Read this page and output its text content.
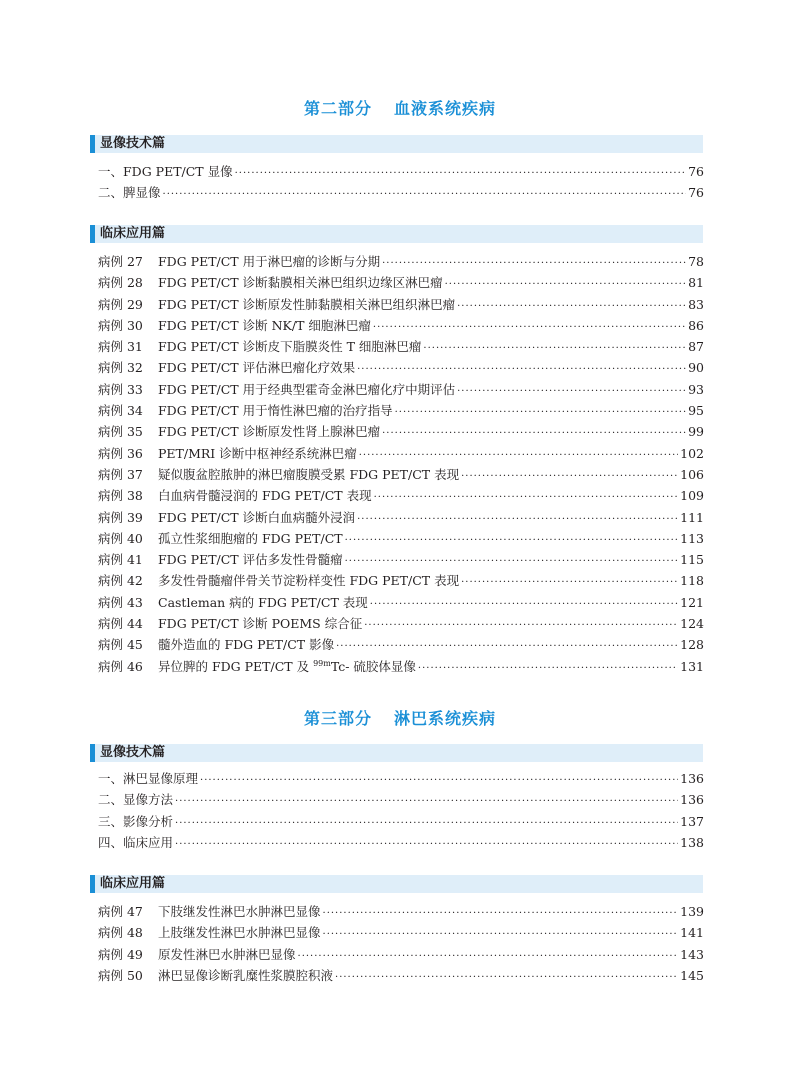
第二部分 血液系统疾病
显像技术篇
一、FDG PET/CT 显像 ·····	76
二、脾显像 ·····	76
临床应用篇
病例 27	FDG PET/CT 用于淋巴瘤的诊断与分期 ·····	78
病例 28	FDG PET/CT 诊断黏膜相关淋巴组织边缘区淋巴瘤 ·····	81
病例 29	FDG PET/CT 诊断原发性肺黏膜相关淋巴组织淋巴瘤 ·····	83
病例 30	FDG PET/CT 诊断 NK/T 细胞淋巴瘤 ·····	86
病例 31	FDG PET/CT 诊断皮下脂膜炎性 T 细胞淋巴瘤 ·····	87
病例 32	FDG PET/CT 评估淋巴瘤化疗效果 ·····	90
病例 33	FDG PET/CT 用于经典型霍奇金淋巴瘤化疗中期评估 ·····	93
病例 34	FDG PET/CT 用于惰性淋巴瘤的治疗指导 ·····	95
病例 35	FDG PET/CT 诊断原发性肾上腺淋巴瘤 ·····	99
病例 36	PET/MRI 诊断中枢神经系统淋巴瘤 ·····	102
病例 37	疑似腹盆腔脓肿的淋巴瘤腹膜受累 FDG PET/CT 表现 ·····	106
病例 38	白血病骨髓浸润的 FDG PET/CT 表现 ·····	109
病例 39	FDG PET/CT 诊断白血病髓外浸润 ·····	111
病例 40	孤立性浆细胞瘤的 FDG PET/CT ·····	113
病例 41	FDG PET/CT 评估多发性骨髓瘤 ·····	115
病例 42	多发性骨髓瘤伴骨关节淀粉样变性 FDG PET/CT 表现 ·····	118
病例 43	Castleman 病的 FDG PET/CT 表现 ·····	121
病例 44	FDG PET/CT 诊断 POEMS 综合征 ·····	124
病例 45	髓外造血的 FDG PET/CT 影像 ·····	128
病例 46	异位脾的 FDG PET/CT 及 $^{99m}$Tc- 硫胶体显像 ·····	131
第三部分 淋巴系统疾病
显像技术篇
一、淋巴显像原理 ·····	136
二、显像方法 ·····	136
三、影像分析 ·····	137
四、临床应用 ·····	138
临床应用篇
病例 47	下肢继发性淋巴水肿淋巴显像 ·····	139
病例 48	上肢继发性淋巴水肿淋巴显像 ·····	141
病例 49	原发性淋巴水肿淋巴显像 ·····	143
病例 50	淋巴显像诊断乳糜性浆膜腔积液 ·····	145
